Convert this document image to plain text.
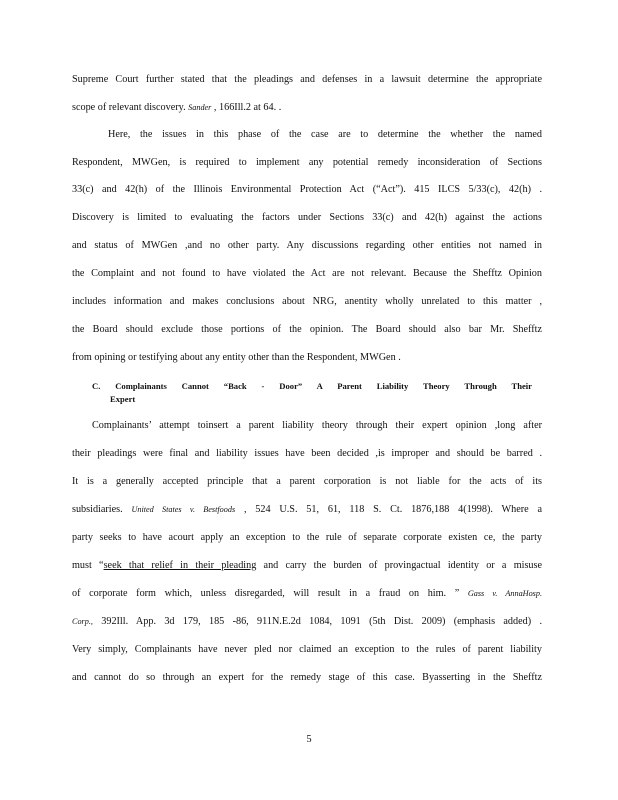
Supreme Court further stated that the pleadings and defenses in a lawsuit determine the appropriate
scope of relevant discovery. Sander , 166Ill.2 at 64. .
Here, the issues in this phase of the case are to determine the whether the named
Respondent, MWGen, is required to implement any potential remedy inconsideration of Sections
33(c) and 42(h) of the Illinois Environmental Protection Act (“Act”). 415 ILCS 5/33(c), 42(h) .
Discovery is limited to evaluating the factors under Sections 33(c) and 42(h) against the actions
and status of MWGen ,and no other party. Any discussions regarding other entities not named in
the Complaint and not found to have violated the Act are not relevant. Because the Shefftz Opinion
includes information and makes conclusions about NRG, anentity wholly unrelated to this matter ,
the Board should exclude those portions of the opinion. The Board should also bar Mr. Shefftz
from opining or testifying about any entity other than the Respondent, MWGen .
C. Complainants Cannot “Back - Door” A Parent Liability Theory Through Their
Expert
Complainants’ attempt toinsert a parent liability theory through their expert opinion ,long after
their pleadings were final and liability issues have been decided ,is improper and should be barred .
It is a generally accepted principle that a parent corporation is not liable for the acts of its
subsidiaries. United States v. Bestfoods , 524 U.S. 51, 61, 118 S. Ct. 1876,188 4(1998). Where a
party seeks to have acourt apply an exception to the rule of separate corporate existen ce, the party
must “seek that relief in their pleading and carry the burden of provingactual identity or a misuse
of corporate form which, unless disregarded, will result in a fraud on him. ” Gass v. AnnaHosp.
Corp., 392Ill. App. 3d 179, 185 -86, 911N.E.2d 1084, 1091 (5th Dist. 2009) (emphasis added) .
Very simply, Complainants have never pled nor claimed an exception to the rules of parent liability
and cannot do so through an expert for the remedy stage of this case. Byasserting in the Shefftz
5
